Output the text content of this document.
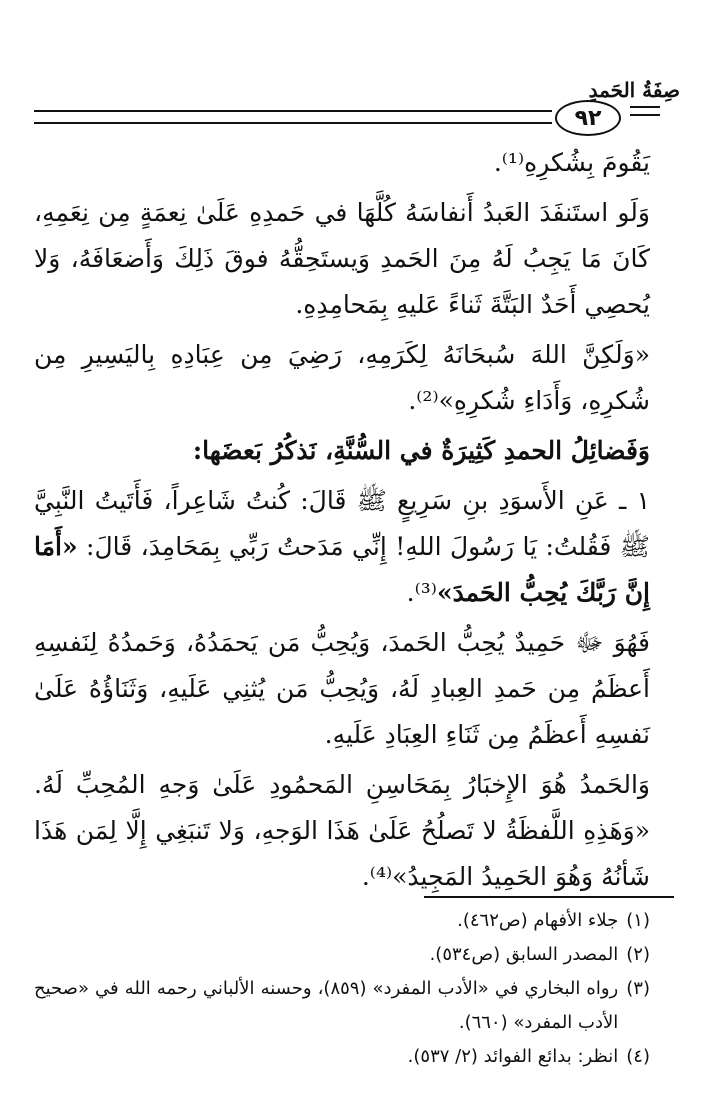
صِفَةُ الحَمدِ
٩٢

يَقُومَ بِشُكرِهِ⁽¹⁾.

وَلَو استَنفَدَ العَبدُ أَنفاسَهُ كُلَّهَا في حَمدِهِ عَلَىٰ نِعمَةٍ مِن نِعَمِهِ، كَانَ مَا يَجِبُ لَهُ مِنَ الحَمدِ وَيستَحِقُّهُ فوقَ ذَلِكَ وَأَضعَافَهُ، وَلا يُحصِي أَحَدٌ البَتَّةَ ثَناءً عَليهِ بِمَحامِدِهِ.

«وَلَكِنَّ اللهَ سُبحَانَهُ لِكَرَمِهِ، رَضِيَ مِن عِبَادِهِ بِاليَسِيرِ مِن شُكرِهِ، وَأَدَاءِ شُكرِهِ»⁽²⁾.

وَفَضائِلُ الحمدِ كَثِيرَةٌ في السُّنَّةِ، نَذكُرُ بَعضَها:

١ ـ عَنِ الأَسوَدِ بنِ سَرِيعٍ ﷺ قَالَ: كُنتُ شَاعِراً، فَأَتَيتُ النَّبِيَّ ﷺ فَقُلتُ: يَا رَسُولَ اللهِ! إِنِّي مَدَحتُ رَبِّي بِمَحَامِدَ، قَالَ: «أَمَا إِنَّ رَبَّكَ يُحِبُّ الحَمدَ»⁽³⁾.

فَهُوَ ﷻ حَمِيدٌ يُحِبُّ الحَمدَ، وَيُحِبُّ مَن يَحمَدُهُ، وَحَمدُهُ لِنَفسِهِ أَعظَمُ مِن حَمدِ العِبادِ لَهُ، وَيُحِبُّ مَن يُثنِي عَلَيهِ، وَثَنَاؤُهُ عَلَىٰ نَفسِهِ أَعظَمُ مِن ثَنَاءِ العِبَادِ عَلَيهِ.

وَالحَمدُ هُوَ الإِخبَارُ بِمَحَاسِنِ المَحمُودِ عَلَىٰ وَجهِ المُحِبِّ لَهُ. «وَهَذِهِ اللَّفظَةُ لا تَصلُحُ عَلَىٰ هَذَا الوَجهِ، وَلا تَنبَغِي إِلَّا لِمَن هَذَا شَأنُهُ وَهُوَ الحَمِيدُ المَجِيدُ»⁽⁴⁾.

(١)
جلاء الأفهام (ص٤٦٢).

(٢)
المصدر السابق (ص٥٣٤).

(٣)
رواه البخاري في «الأدب المفرد» (٨٥٩)، وحسنه الألباني رحمه الله في «صحيح الأدب المفرد» (٦٦٠).

(٤)
انظر: بدائع الفوائد (٢/ ٥٣٧).
